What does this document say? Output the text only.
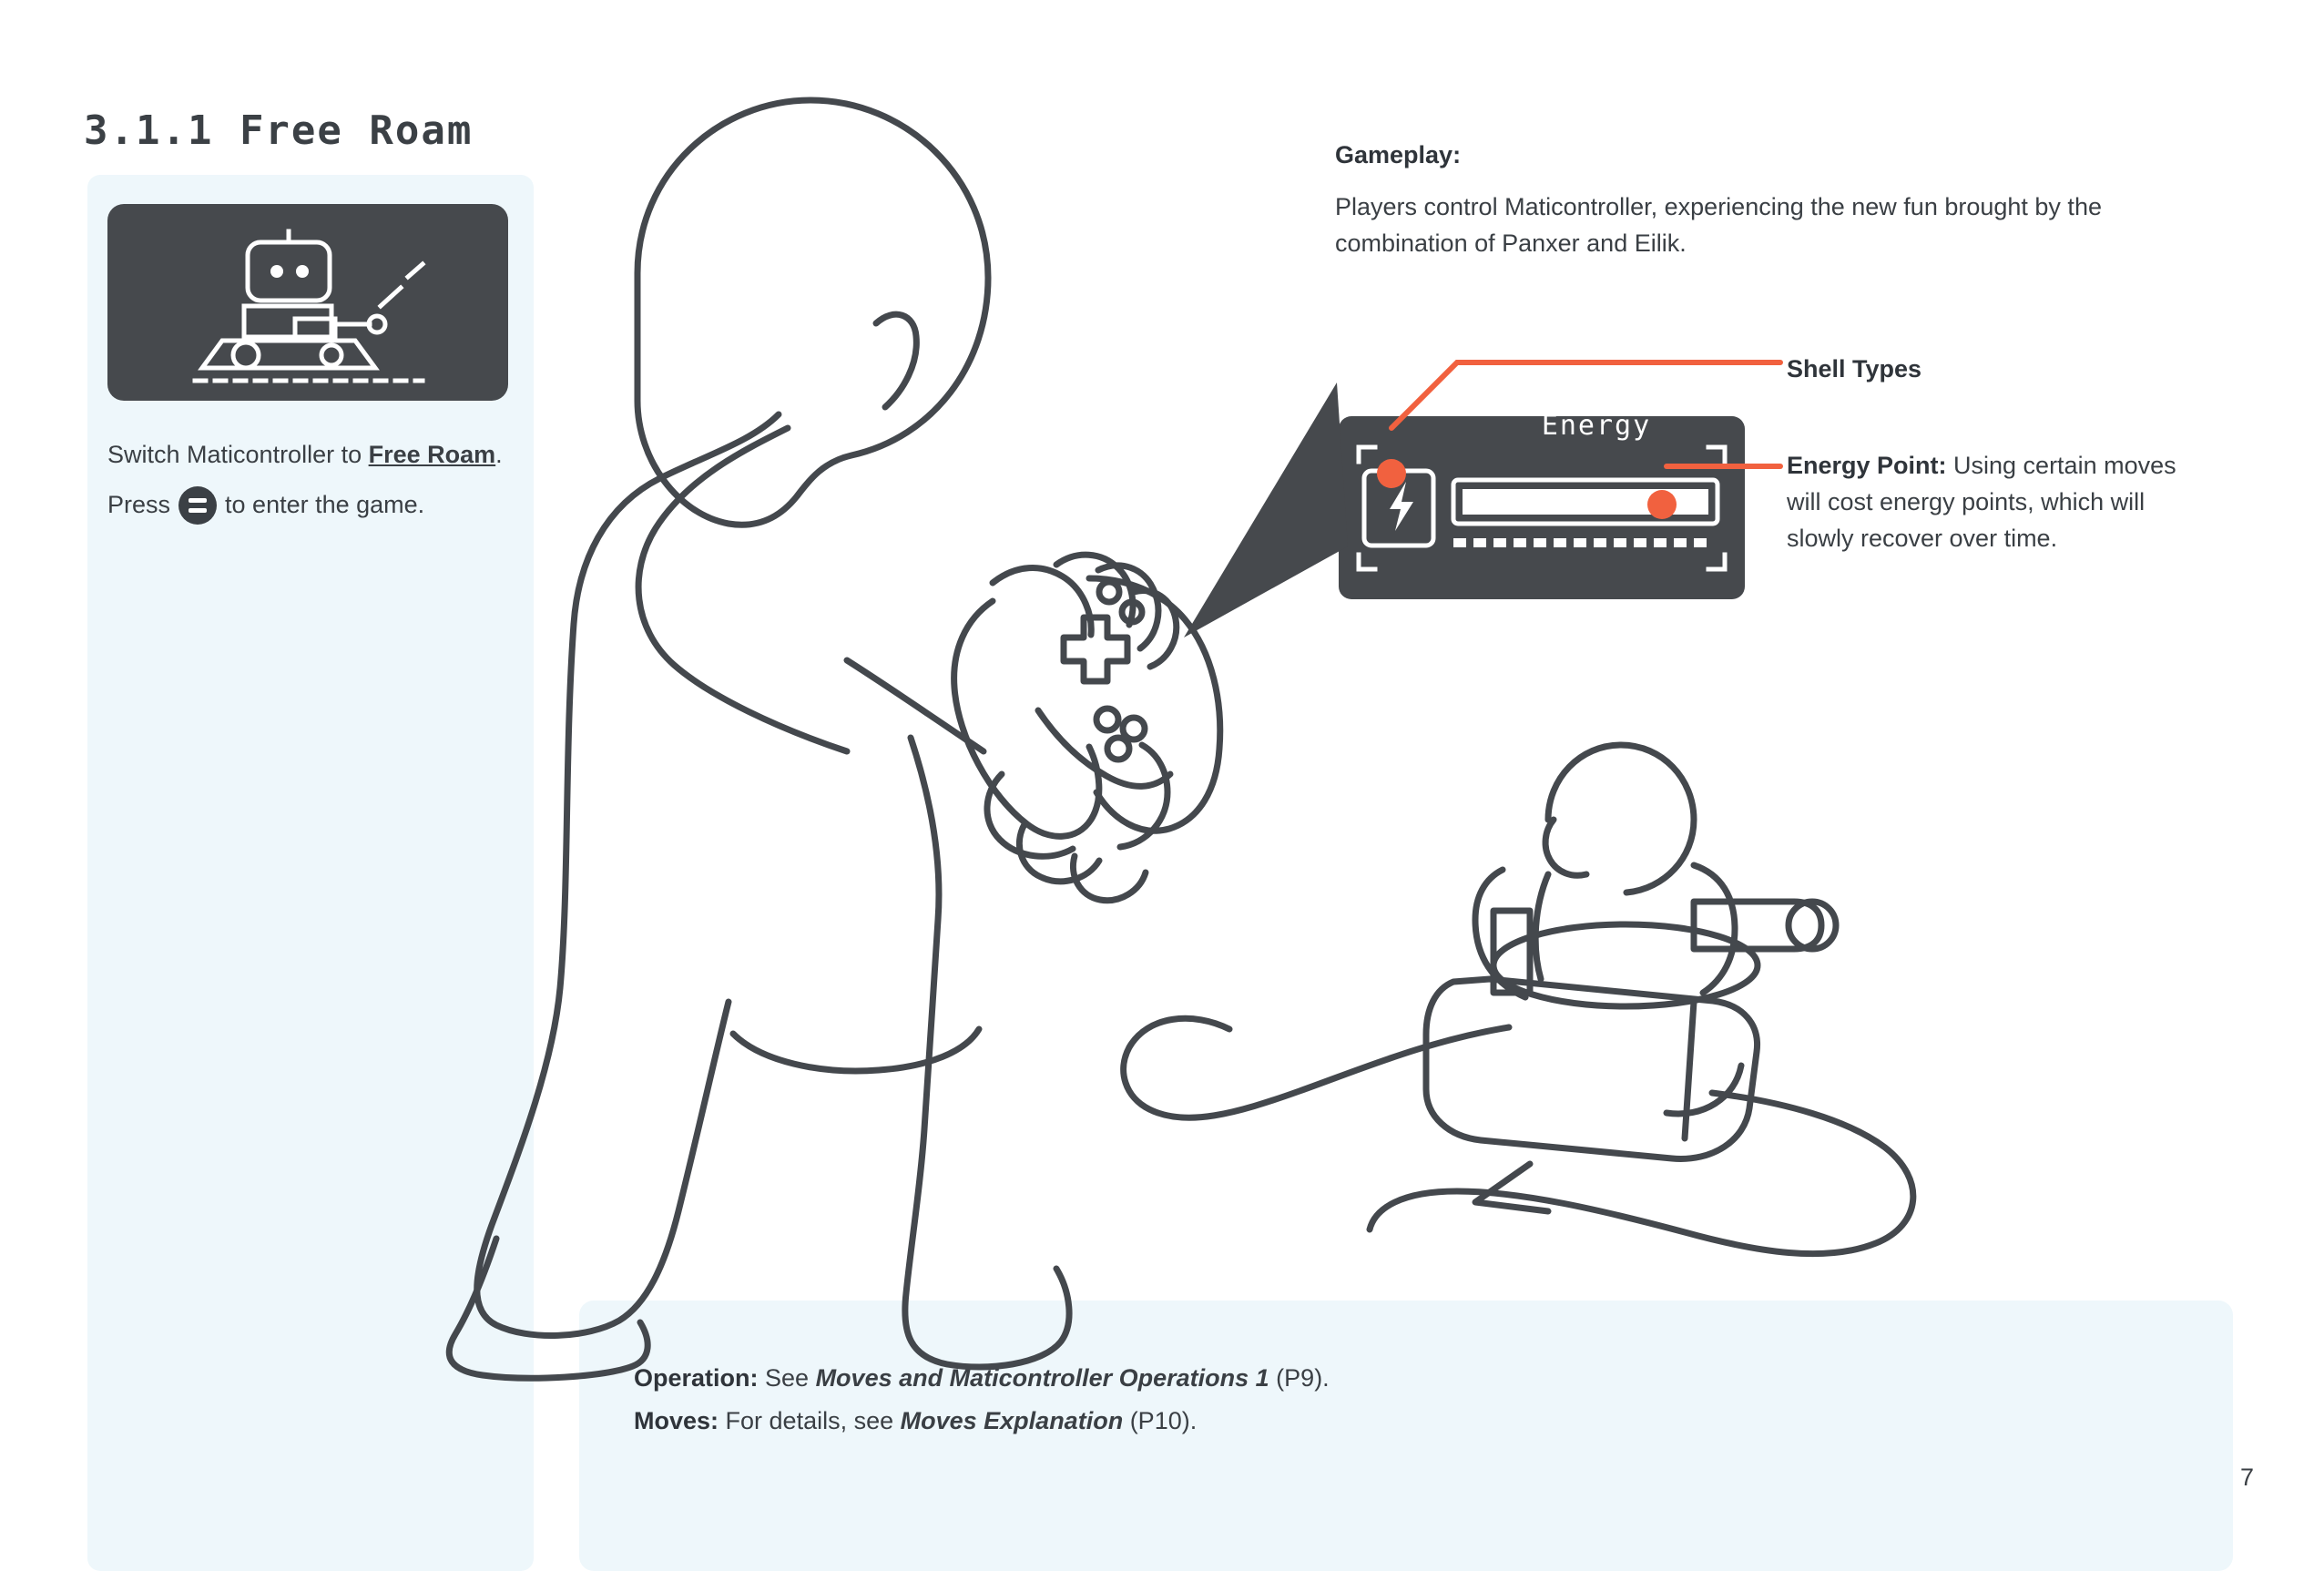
3.1.1 Free Roam
Switch Maticontroller to Free Roam.
Press to enter the game.
Gameplay:
Players control Maticontroller, experiencing the new fun brought by the combination of Panxer and Eilik.
Shell Types
Energy Point: Using certain moves will cost energy points, which will slowly recover over time.
Energy
Operation: See Moves and Maticontroller Operations 1 (P9).
Moves: For details, see Moves Explanation (P10).
7
